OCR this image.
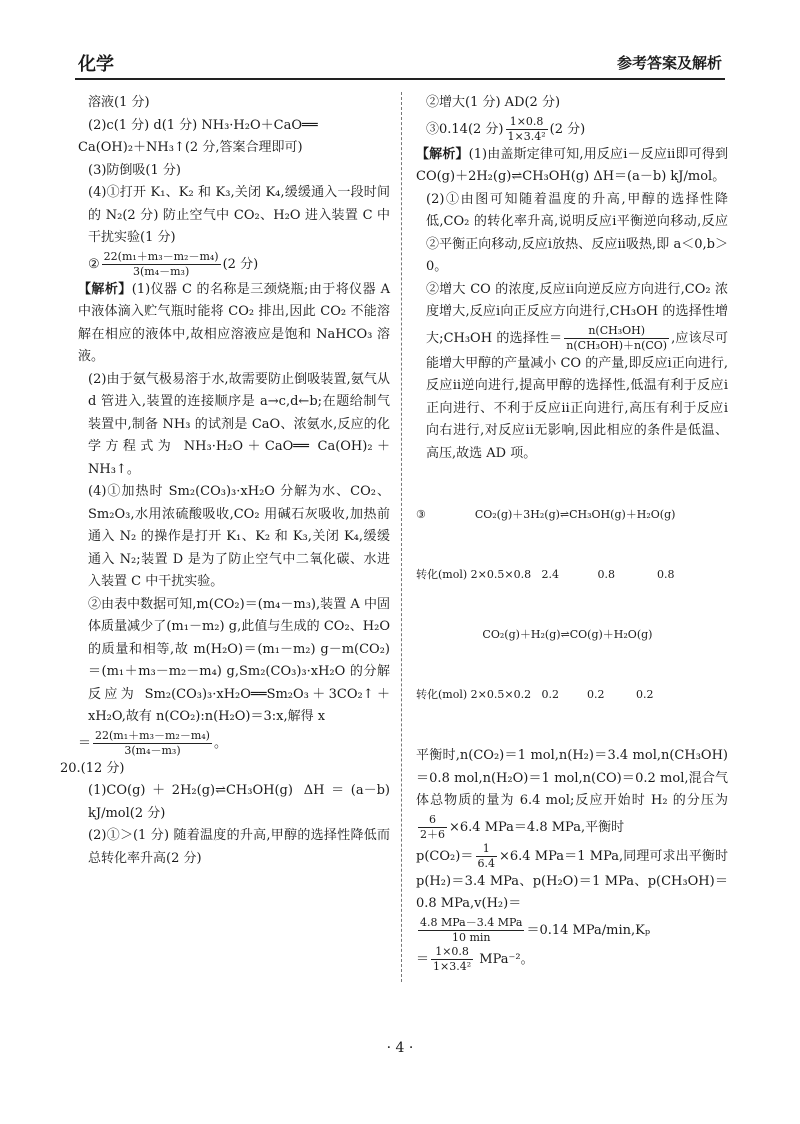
化学	参考答案及解析

溶液(1 分)

(2)c(1 分) d(1 分) NH₃·H₂O＋CaO══

Ca(OH)₂＋NH₃↑(2 分,答案合理即可)

(3)防倒吸(1 分)

(4)①打开 K₁、K₂ 和 K₃,关闭 K₄,缓缓通入一段时间的 N₂(2 分) 防止空气中 CO₂、H₂O 进入装置 C 中干扰实验(1 分)

② $\frac{\text{22(m₁＋m₃－m₂－m₄)}}{\text{3(m₄－m₃)}} (2$ 分)

【解析】(1)仪器 C 的名称是三颈烧瓶;由于将仪器 A 中液体滴入贮气瓶时能将 CO₂ 排出,因此 CO₂ 不能溶解在相应的液体中,故相应溶液应是饱和 NaHCO₃ 溶液。

(2)由于氨气极易溶于水,故需要防止倒吸装置,氨气从 d 管进入,装置的连接顺序是 a→c,d←b;在题给制气装置中,制备 NH₃ 的试剂是 CaO、浓氨水,反应的化学方程式为 NH₃·H₂O＋CaO══ Ca(OH)₂＋NH₃↑。

(4)①加热时 Sm₂(CO₃)₃·xH₂O 分解为水、CO₂、Sm₂O₃,水用浓硫酸吸收,CO₂ 用碱石灰吸收,加热前通入 N₂ 的操作是打开 K₁、K₂ 和 K₃,关闭 K₄,缓缓通入 N₂;装置 D 是为了防止空气中二氧化碳、水进入装置 C 中干扰实验。

②由表中数据可知,m(CO₂)＝(m₄－m₃),装置 A 中固体质量减少了(m₁－m₂) g,此值与生成的 CO₂、H₂O 的质量和相等,故 m(H₂O)＝(m₁－m₂) g－m(CO₂)＝(m₁＋m₃－m₂－m₄) g,Sm₂(CO₃)₃·xH₂O 的分解反应为 Sm₂(CO₃)₃·xH₂O══Sm₂O₃＋3CO₂↑＋xH₂O,故有 n(CO₂):n(H₂O)＝3:x,解得 x

＝ $\frac{\text{22(m₁＋m₃－m₂－m₄)}}{\text{3(m₄－m₃)}}$ 。

20.(12 分)

(1)CO(g)＋2H₂(g)⇌CH₃OH(g) ΔH＝(a－b) kJ/mol(2 分)

(2)①＞(1 分) 随着温度的升高,甲醇的选择性降低而总转化率升高(2 分)

②增大(1 分) AD(2 分)

③0.14(2 分) $\frac{1\times 0.8}{\text{1×3.4²}} (2$ 分)

【解析】(1)由盖斯定律可知,用反应ⅰ－反应ⅱ即可得到 CO(g)＋2H₂(g)⇌CH₃OH(g) ΔH＝(a－b) kJ/mol。

(2)①由图可知随着温度的升高,甲醇的选择性降低,CO₂ 的转化率升高,说明反应ⅰ平衡逆向移动,反应②平衡正向移动,反应ⅰ放热、反应ⅱ吸热,即 a＜0,b＞0。

②增大 CO 的浓度,反应ⅱ向逆反应方向进行,CO₂ 浓度增大,反应ⅰ向正反应方向进行,CH₃OH 的选择性增大;CH₃OH 的选择性＝ $\frac{\text{n(CH₃OH)}}{\text{n(CH₃OH)＋n(CO)}}$ ,应该尽可能增大甲醇的产量减小 CO 的产量,即反应ⅰ正向进行,反应ⅱ逆向进行,提高甲醇的选择性,低温有利于反应ⅰ正向进行、不利于反应ⅱ正向进行,高压有利于反应ⅰ向右进行,对反应ⅱ无影响,因此相应的条件是低温、高压,故选 AD 项。

③              CO₂(g)＋3H₂(g)⇌CH₃OH(g)＋H₂O(g)

转化(mol) 2×0.5×0.8   2.4           0.8            0.8

CO₂(g)＋H₂(g)⇌CO(g)＋H₂O(g)

转化(mol) 2×0.5×0.2   0.2        0.2         0.2

平衡时,n(CO₂)＝1 mol,n(H₂)＝3.4 mol,n(CH₃OH)＝0.8 mol,n(H₂O)＝1 mol,n(CO)＝0.2 mol,混合气体总物质的量为 6.4 mol;反应开始时 H₂ 的分压为
$\frac{6}{2+6} \times 6.4$ MPa＝4.8 MPa,平衡时

$p(CO_2)= \frac{1}{6.4} \times 6.4$ MPa＝1 MPa,同理可求出平衡时 p(H₂)＝3.4 MPa、p(H₂O)＝1 MPa、p(CH₃OH)＝0.8 MPa,v(H₂)＝

$\frac{\text{4.8 MPa－3.4 MPa}}{10 \min} =0.14$ MPa/min,Kₚ

＝ $\frac{1\times 0.8}{\text{1×3.4²}} MPa^{-2}$。

· 4 ·
